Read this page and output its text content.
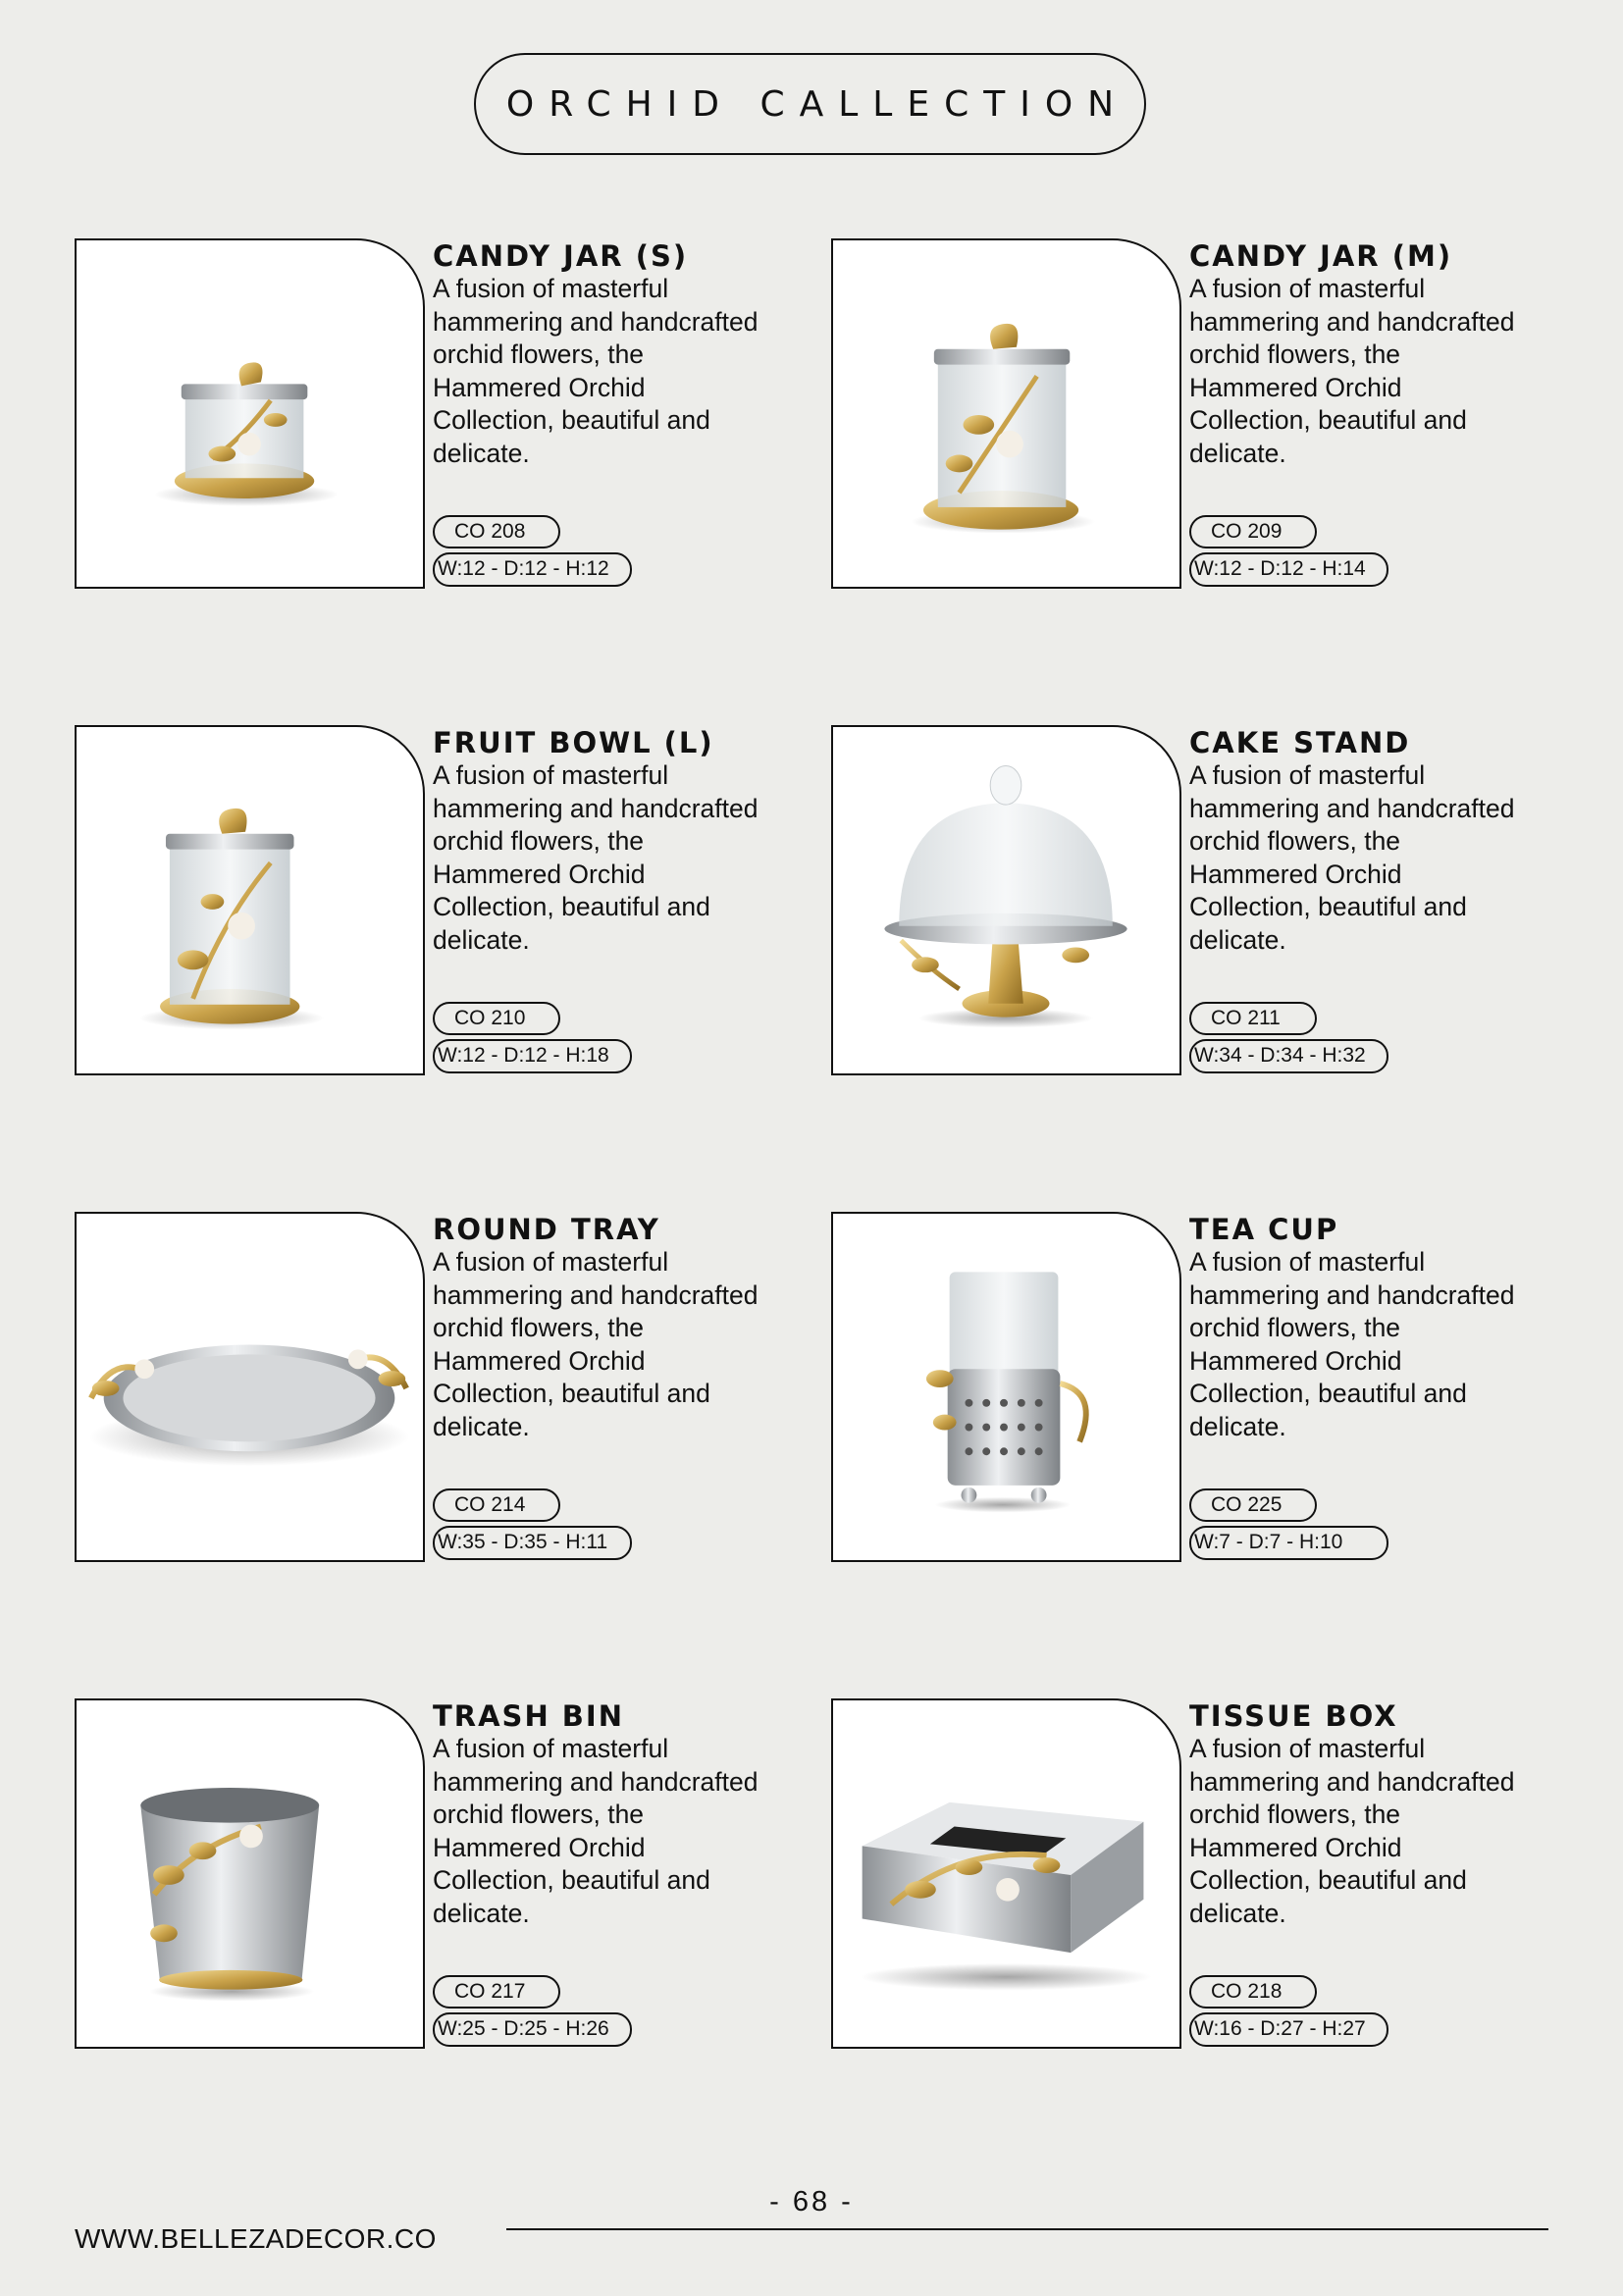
ORCHID CALLECTION
CANDY JAR (S)
A fusion of masterful hammering and handcrafted orchid flowers, the Hammered Orchid Collection, beautiful and delicate.
CO 208
W:12 - D:12 - H:12
CANDY JAR (M)
A fusion of masterful hammering and handcrafted orchid flowers, the Hammered Orchid Collection, beautiful and delicate.
CO 209
W:12 - D:12 - H:14
FRUIT BOWL (L)
A fusion of masterful hammering and handcrafted orchid flowers, the Hammered Orchid Collection, beautiful and delicate.
CO 210
W:12 - D:12 - H:18
CAKE STAND
A fusion of masterful hammering and handcrafted orchid flowers, the Hammered Orchid Collection, beautiful and delicate.
CO 211
W:34 - D:34 - H:32
ROUND TRAY
A fusion of masterful hammering and handcrafted orchid flowers, the Hammered Orchid Collection, beautiful and delicate.
CO 214
W:35 - D:35 - H:11
TEA CUP
A fusion of masterful hammering and handcrafted orchid flowers, the Hammered Orchid Collection, beautiful and delicate.
CO 225
W:7 - D:7 - H:10
TRASH BIN
A fusion of masterful hammering and handcrafted orchid flowers, the Hammered Orchid Collection, beautiful and delicate.
CO 217
W:25 - D:25 - H:26
TISSUE BOX
A fusion of masterful hammering and handcrafted orchid flowers, the Hammered Orchid Collection, beautiful and delicate.
CO 218
W:16 - D:27 - H:27
- 68 -
WWW.BELLEZADECOR.CO
